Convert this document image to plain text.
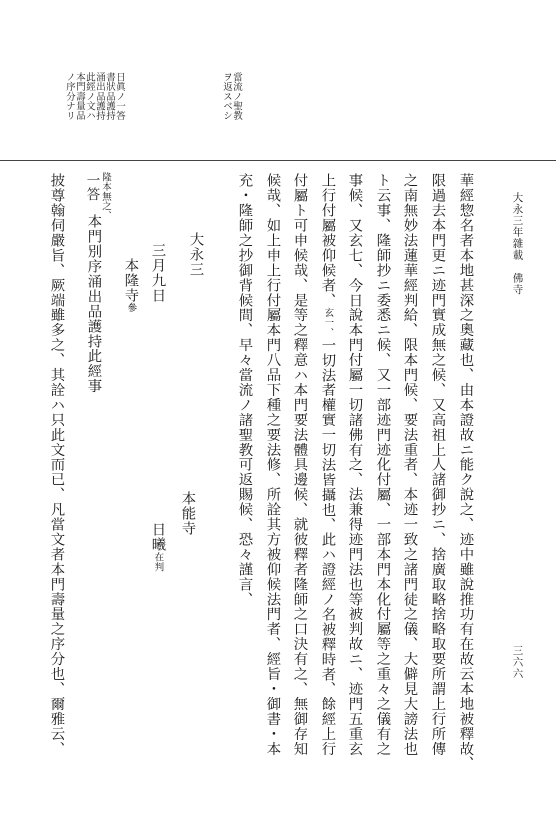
大永三年雜載　佛寺
三六六
當流ノ聖教
ヲ返スベシ
日眞ノ一答
書狀品護持
涌出品護持
此經ノ文ハ
本門壽量品
ノ序分ナリ
華經惣名者本地甚深之奧藏也、由本證故ニ能ク說之、迹中雖說推功有在故云本地被釋故、
限過去本門更ニ迹門實成無之候、又高祖上人諸御抄ニ、捨廣取略捨略取要所謂上行所傳
之南無妙法蓮華經判給、限本門候、要法重者、本迹一致之諸門徒之儀、大僻見大謗法也
ト云事、隆師抄ニ委悉ニ候、又一部迹門迹化付屬、一部本門本化付屬等之重々之儀有之
事候、又玄七、今日說本門付屬一切諸佛有之、法兼得迹門法也等被判故ニ、迹門五重玄
上行付屬被仰候者、玄一、一切法者權實一切法皆攝也、此ハ證經ノ名被釋時者、餘經上行
付屬ト可申候哉、是等之釋意ハ本門要法體具邊候、就彼釋者隆師之口決有之、無御存知
候哉、如上申上行付屬本門八品下種之要法修、所詮其方被仰候法門者、經旨・御書・本
充・隆師之抄御背候間、早々當流ノ諸聖教可返賜候、恐々謹言、
大永三
三月九日
本能寺
日曦在判
本隆寺參
隆本無之、
一答
本門別序涌出品護持此經事
披尊翰伺嚴旨、厥端雖多之、其詮ハ只此文而已、凡當文者本門壽量之序分也、爾雅云、
